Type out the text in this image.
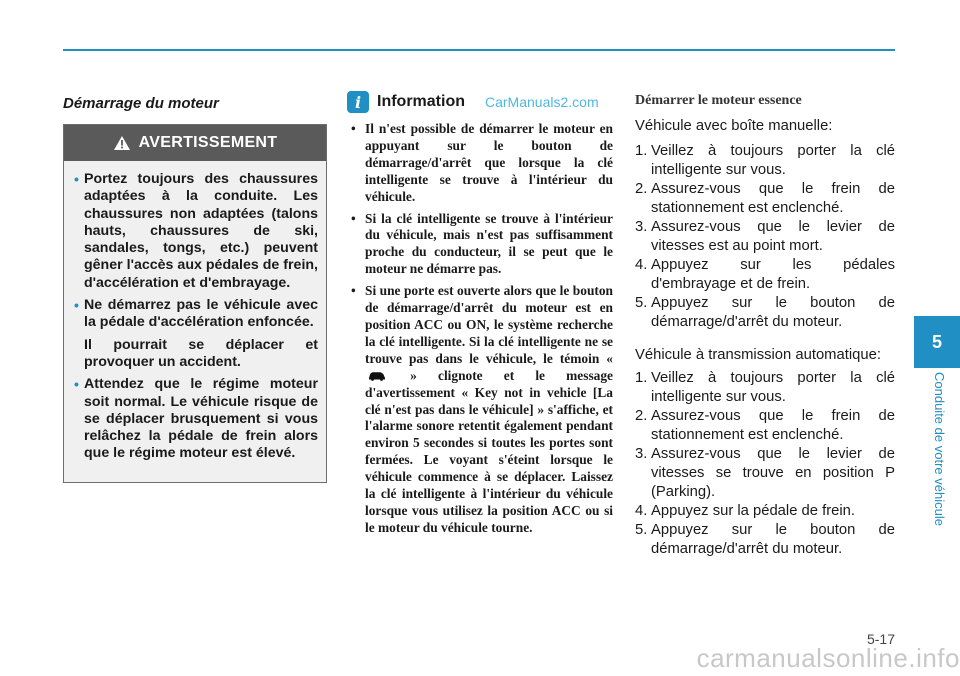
Démarrage du moteur
AVERTISSEMENT
• Portez toujours des chaussures adaptées à la conduite. Les chaussures non adaptées (talons hauts, chaussures de ski, sandales, tongs, etc.) peuvent gêner l'accès aux pédales de frein, d'accélération et d'embrayage.
• Ne démarrez pas le véhicule avec la pédale d'accélération enfoncée.
Il pourrait se déplacer et provoquer un accident.
• Attendez que le régime moteur soit normal. Le véhicule risque de se déplacer brusquement si vous relâchez la pédale de frein alors que le régime moteur est élevé.
i Information CarManuals2.com
• Il n'est possible de démarrer le moteur en appuyant sur le bouton de démarrage/d'arrêt que lorsque la clé intelligente se trouve à l'intérieur du véhicule.
• Si la clé intelligente se trouve à l'intérieur du véhicule, mais n'est pas suffisamment proche du conducteur, il se peut que le moteur ne démarre pas.
• Si une porte est ouverte alors que le bouton de démarrage/d'arrêt du moteur est en position ACC ou ON, le système recherche la clé intelligente. Si la clé intelligente ne se trouve pas dans le véhicule, le témoin «  » clignote et le message d'avertissement « Key not in vehicle [La clé n'est pas dans le véhicule] » s'affiche, et l'alarme sonore retentit également pendant environ 5 secondes si toutes les portes sont fermées. Le voyant s'éteint lorsque le véhicule commence à se déplacer. Laissez la clé intelligente à l'intérieur du véhicule lorsque vous utilisez la position ACC ou si le moteur du véhicule tourne.
Démarrer le moteur essence
Véhicule avec boîte manuelle:
1. Veillez à toujours porter la clé intelligente sur vous.
2. Assurez-vous que le frein de stationnement est enclenché.
3. Assurez-vous que le levier de vitesses est au point mort.
4. Appuyez sur les pédales d'embrayage et de frein.
5. Appuyez sur le bouton de démarrage/d'arrêt du moteur.
Véhicule à transmission automatique:
1. Veillez à toujours porter la clé intelligente sur vous.
2. Assurez-vous que le frein de stationnement est enclenché.
3. Assurez-vous que le levier de vitesses se trouve en position P (Parking).
4. Appuyez sur la pédale de frein.
5. Appuyez sur le bouton de démarrage/d'arrêt du moteur.
5
Conduite de votre véhicule
5-17
carmanualsonline.info
